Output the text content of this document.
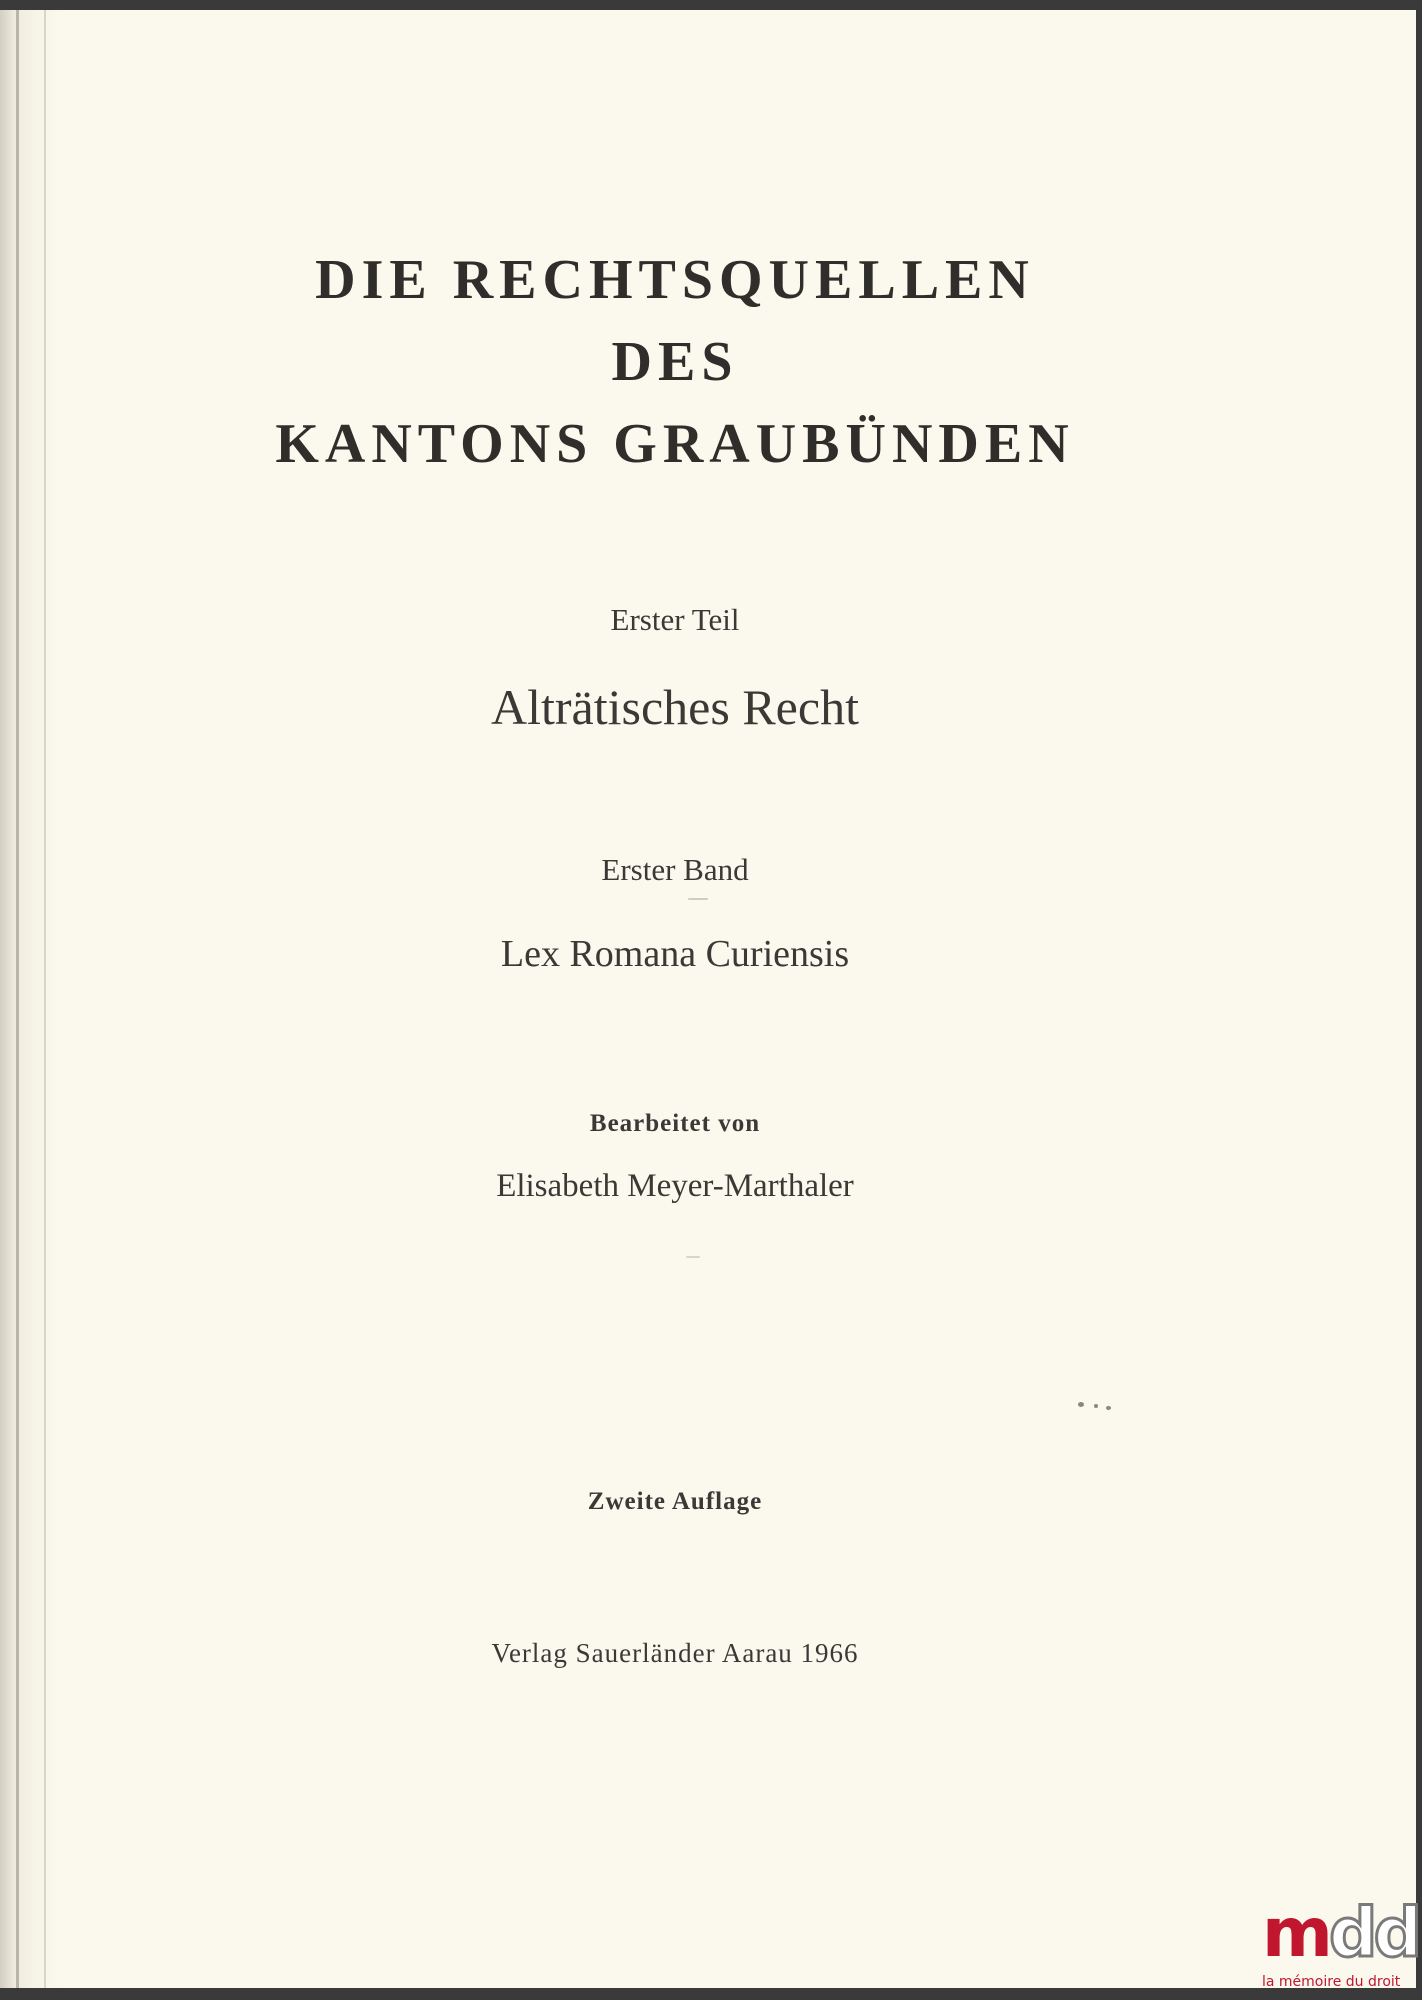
DIE RECHTSQUELLEN
DES
KANTONS GRAUBÜNDEN
Erster Teil
Alträtisches Recht
Erster Band
Lex Romana Curiensis
Bearbeitet von
Elisabeth Meyer-Marthaler
Zweite Auflage
Verlag Sauerländer Aarau 1966
mdd
la mémoire du droit
